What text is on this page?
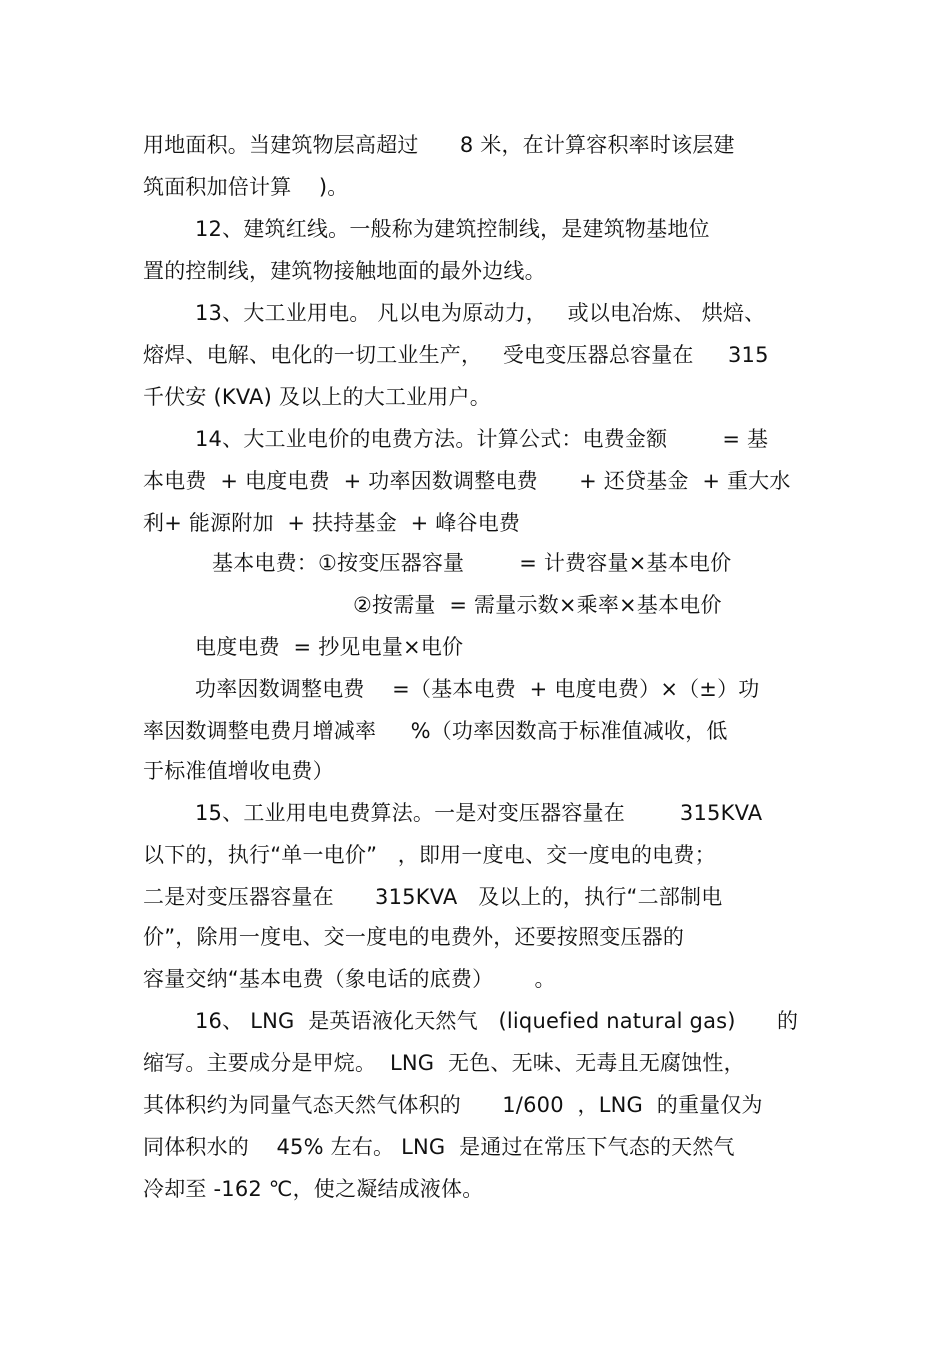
用地面积。当建筑物层高超过      8 米，在计算容积率时该层建
筑面积加倍计算    )。
12、建筑红线。一般称为建筑控制线，是建筑物基地位
置的控制线，建筑物接触地面的最外边线。
13、大工业用电。 凡以电为原动力，   或以电冶炼、 烘焙、
熔焊、电解、电化的一切工业生产，   受电变压器总容量在     315
千伏安 (KVA) 及以上的大工业用户。
14、大工业电价的电费方法。计算公式：电费金额        = 基
本电费  + 电度电费  + 功率因数调整电费      + 还贷基金  + 重大水
利+ 能源附加  + 扶持基金  + 峰谷电费
基本电费：①按变压器容量        = 计费容量×基本电价
②按需量  = 需量示数×乘率×基本电价
电度电费  = 抄见电量×电价
功率因数调整电费    =（基本电费  + 电度电费）×（±）功
率因数调整电费月增减率     %（功率因数高于标准值减收，低
于标准值增收电费）
15、工业用电电费算法。一是对变压器容量在        315KVA
以下的，执行“单一电价”   ，即用一度电、交一度电的电费；
二是对变压器容量在      315KVA   及以上的，执行“二部制电
价”，除用一度电、交一度电的电费外，还要按照变压器的
容量交纳“基本电费（象电话的底费）      。
16、 LNG  是英语液化天然气   (liquefied natural gas)      的
缩写。主要成分是甲烷。  LNG  无色、无味、无毒且无腐蚀性，
其体积约为同量气态天然气体积的      1/600  ，LNG  的重量仅为
同体积水的    45% 左右。 LNG  是通过在常压下气态的天然气
冷却至 -162 ℃，使之凝结成液体。
